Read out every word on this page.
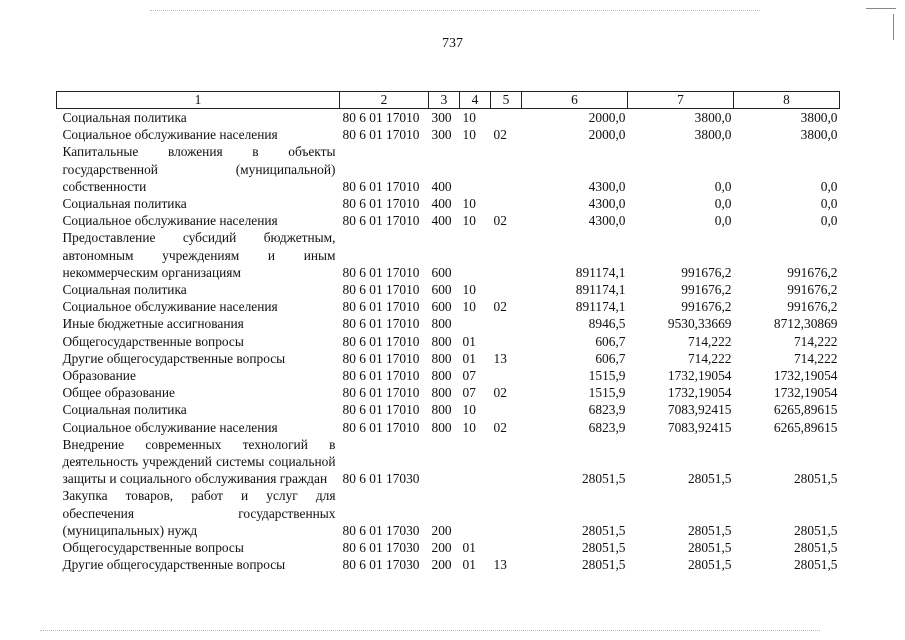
737
1	2	3	4	5	6	7	8
Социальная политика	80 6 01 17010	300	10		2000,0	3800,0	3800,0
Социальное обслуживание населения	80 6 01 17010	300	10	02	2000,0	3800,0	3800,0
Капитальные вложения в объекты государственной (муниципальной) собственности	80 6 01 17010	400			4300,0	0,0	0,0
Социальная политика	80 6 01 17010	400	10		4300,0	0,0	0,0
Социальное обслуживание населения	80 6 01 17010	400	10	02	4300,0	0,0	0,0
Предоставление субсидий бюджетным, автономным учреждениям и иным некоммерческим организациям	80 6 01 17010	600			891174,1	991676,2	991676,2
Социальная политика	80 6 01 17010	600	10		891174,1	991676,2	991676,2
Социальное обслуживание населения	80 6 01 17010	600	10	02	891174,1	991676,2	991676,2
Иные бюджетные ассигнования	80 6 01 17010	800			8946,5	9530,33669	8712,30869
Общегосударственные вопросы	80 6 01 17010	800	01		606,7	714,222	714,222
Другие общегосударственные вопросы	80 6 01 17010	800	01	13	606,7	714,222	714,222
Образование	80 6 01 17010	800	07		1515,9	1732,19054	1732,19054
Общее образование	80 6 01 17010	800	07	02	1515,9	1732,19054	1732,19054
Социальная политика	80 6 01 17010	800	10		6823,9	7083,92415	6265,89615
Социальное обслуживание населения	80 6 01 17010	800	10	02	6823,9	7083,92415	6265,89615
Внедрение современных технологий в деятельность учреждений системы социальной защиты и социального обслуживания граждан	80 6 01 17030				28051,5	28051,5	28051,5
Закупка товаров, работ и услуг для обеспечения государственных (муниципальных) нужд	80 6 01 17030	200			28051,5	28051,5	28051,5
Общегосударственные вопросы	80 6 01 17030	200	01		28051,5	28051,5	28051,5
Другие общегосударственные вопросы	80 6 01 17030	200	01	13	28051,5	28051,5	28051,5
